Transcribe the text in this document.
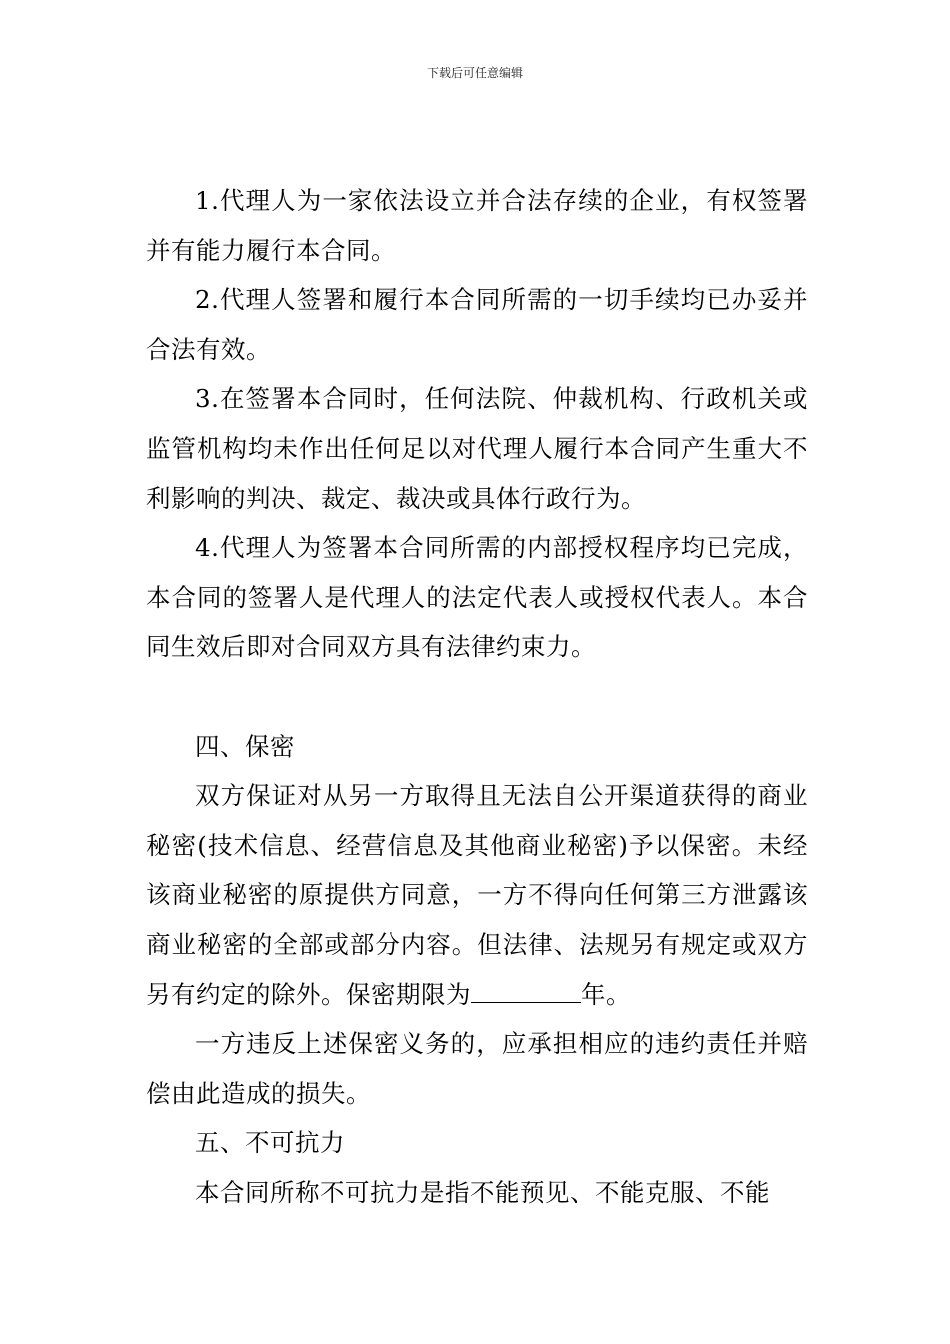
下载后可任意编辑

1.代理人为一家依法设立并合法存续的企业，有权签署并有能力履行本合同。

2.代理人签署和履行本合同所需的一切手续均已办妥并合法有效。

3.在签署本合同时，任何法院、仲裁机构、行政机关或监管机构均未作出任何足以对代理人履行本合同产生重大不利影响的判决、裁定、裁决或具体行政行为。

4.代理人为签署本合同所需的内部授权程序均已完成，本合同的签署人是代理人的法定代表人或授权代表人。本合同生效后即对合同双方具有法律约束力。

四、保密

双方保证对从另一方取得且无法自公开渠道获得的商业秘密(技术信息、经营信息及其他商业秘密)予以保密。未经该商业秘密的原提供方同意，一方不得向任何第三方泄露该商业秘密的全部或部分内容。但法律、法规另有规定或双方另有约定的除外。保密期限为	年。

一方违反上述保密义务的，应承担相应的违约责任并赔偿由此造成的损失。

五、不可抗力

本合同所称不可抗力是指不能预见、不能克服、不能
